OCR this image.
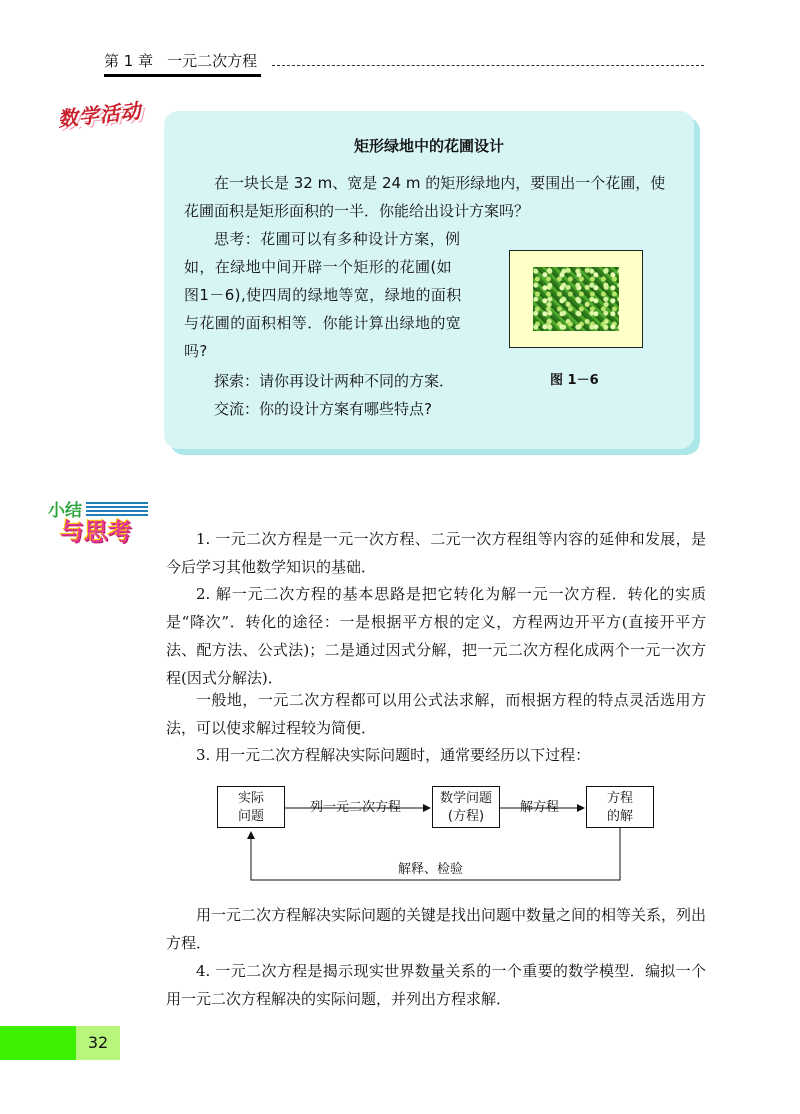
第 1 章 一元二次方程
数学活动
矩形绿地中的花圃设计

在一块长是 32 m、宽是 24 m 的矩形绿地内，要围出一个花圃，使花圃面积是矩形面积的一半．你能给出设计方案吗？

思考：花圃可以有多种设计方案，例如，在绿地中间开辟一个矩形的花圃(如图1－6),使四周的绿地等宽，绿地的面积与花圃的面积相等．你能计算出绿地的宽吗?

探索：请你再设计两种不同的方案．

交流：你的设计方案有哪些特点?

图 1－6
小结
与思考	1. 一元二次方程是一元一次方程、二元一次方程组等内容的延伸和发展，是今后学习其他数学知识的基础．

2. 解一元二次方程的基本思路是把它转化为解一元一次方程．转化的实质是“降次”．转化的途径：一是根据平方根的定义，方程两边开平方(直接开平方法、配方法、公式法)；二是通过因式分解，把一元二次方程化成两个一元一次方程(因式分解法)．

一般地，一元二次方程都可以用公式法求解，而根据方程的特点灵活选用方法，可以使求解过程较为简便．

3. 用一元二次方程解决实际问题时，通常要经历以下过程：

用一元二次方程解决实际问题的关键是找出问题中数量之间的相等关系，列出方程．

4. 一元二次方程是揭示现实世界数量关系的一个重要的数学模型．编拟一个用一元二次方程解决的实际问题，并列出方程求解．

实际
问题
数学问题
(方程)
方程
的解
列一元二次方程	解方程
解释、检验
32
